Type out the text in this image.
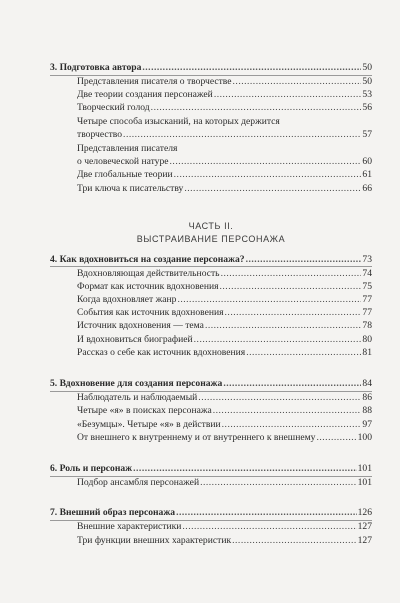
3. Подготовка автора .....	50
Представления писателя о творчестве .....	50
Две теории создания персонажей .....	53
Творческий голод .....	56
Четыре способа изысканий, на которых держится
творчество .....	57
Представления писателя
о человеческой натуре .....	60
Две глобальные теории .....	61
Три ключа к писательству .....	66
ЧАСТЬ II.
ВЫСТРАИВАНИЕ ПЕРСОНАЖА
4. Как вдохновиться на создание персонажа? .....	73
Вдохновляющая действительность .....	74
Формат как источник вдохновения .....	75
Когда вдохновляет жанр .....	77
События как источник вдохновения .....	77
Источник вдохновения — тема .....	78
И вдохновиться биографией .....	80
Рассказ о себе как источник вдохновения .....	81
5. Вдохновение для создания персонажа .....	84
Наблюдатель и наблюдаемый .....	86
Четыре «я» в поисках персонажа .....	88
«Безумцы». Четыре «я» в действии .....	97
От внешнего к внутреннему и от внутреннего к внешнему .....	100
6. Роль и персонаж .....	101
Подбор ансамбля персонажей .....	101
7. Внешний образ персонажа .....	126
Внешние характеристики .....	127
Три функции внешних характеристик .....	127
